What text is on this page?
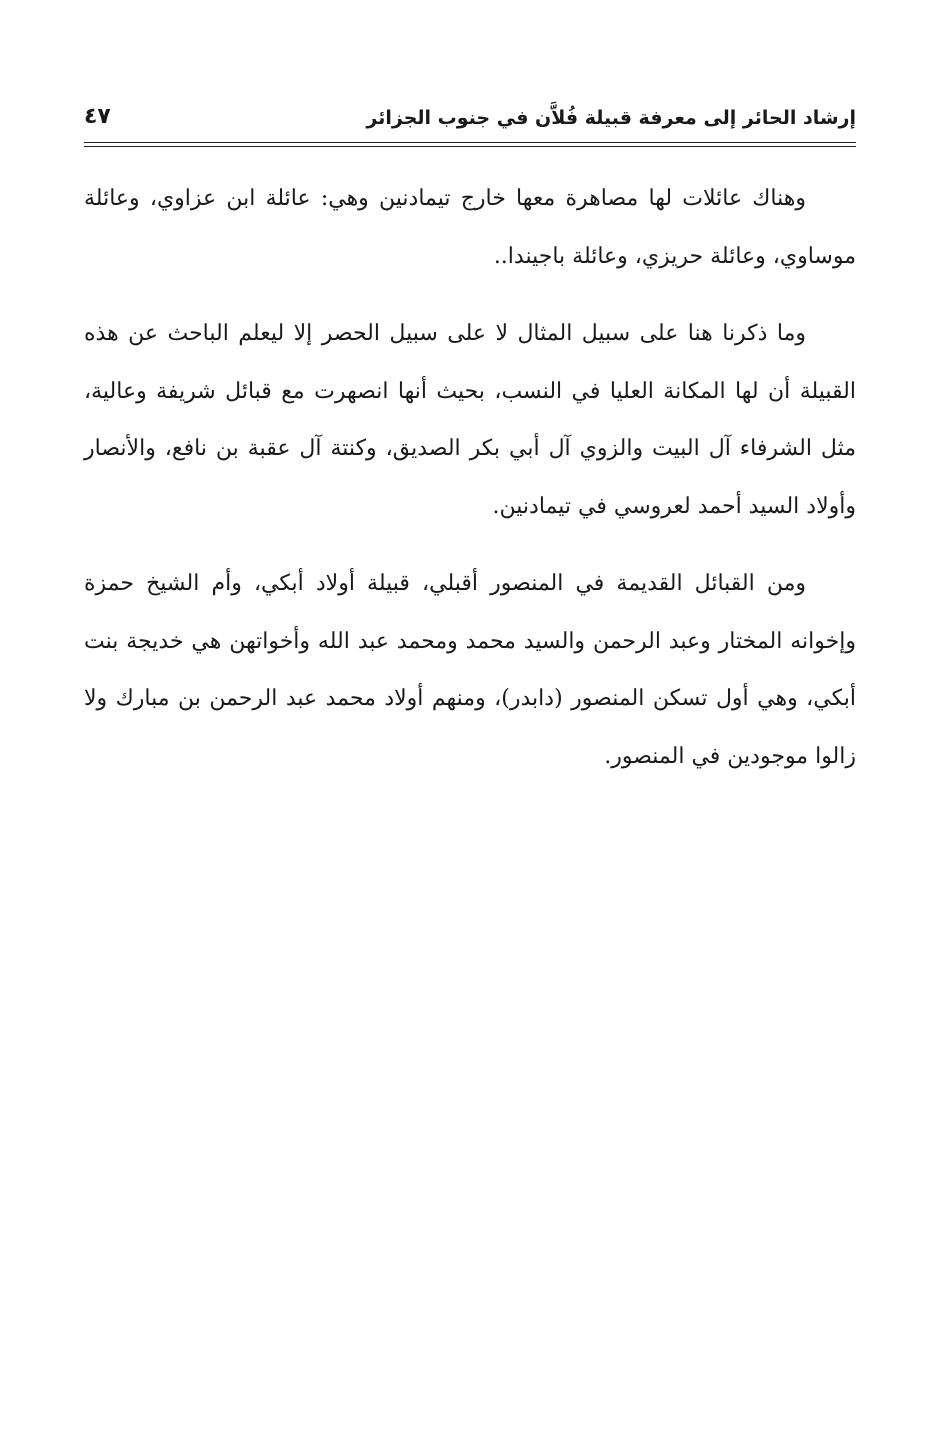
إرشاد الحائر إلى معرفة قبيلة فُلاَّن في جنوب الجزائر
٤٧

وهناك عائلات لها مصاهرة معها خارج تيمادنين وهي: عائلة ابن عزاوي، وعائلة موساوي، وعائلة حريزي، وعائلة باجيندا..

وما ذكرنا هنا على سبيل المثال لا على سبيل الحصر إلا ليعلم الباحث عن هذه القبيلة أن لها المكانة العليا في النسب، بحيث أنها انصهرت مع قبائل شريفة وعالية، مثل الشرفاء آل البيت والزوي آل أبي بكر الصديق، وكنتة آل عقبة بن نافع، والأنصار وأولاد السيد أحمد لعروسي في تيمادنين.

ومن القبائل القديمة في المنصور أقبلي، قبيلة أولاد أبكي، وأم الشيخ حمزة وإخوانه المختار وعبد الرحمن والسيد محمد ومحمد عبد الله وأخواتهن هي خديجة بنت أبكي، وهي أول تسكن المنصور (دابدر)، ومنهم أولاد محمد عبد الرحمن بن مبارك ولا زالوا موجودين في المنصور.
